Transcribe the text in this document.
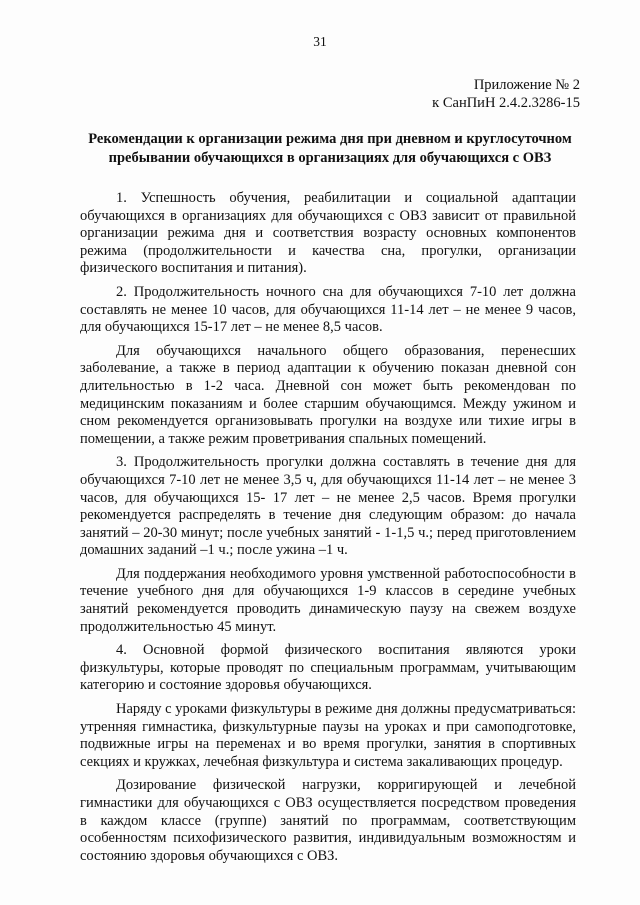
31
Приложение № 2
к СанПиН 2.4.2.3286-15
Рекомендации к организации режима дня при дневном и круглосуточном пребывании обучающихся в организациях для обучающихся с ОВЗ

1. Успешность обучения, реабилитации и социальной адаптации обучающихся в организациях для обучающихся с ОВЗ зависит от правильной организации режима дня и соответствия возрасту основных компонентов режима (продолжительности и качества сна, прогулки, организации физического воспитания и питания).

2. Продолжительность ночного сна для обучающихся 7-10 лет должна составлять не менее 10 часов, для обучающихся 11-14 лет – не менее 9 часов, для обучающихся 15-17 лет – не менее 8,5 часов.

Для обучающихся начального общего образования, перенесших заболевание, а также в период адаптации к обучению показан дневной сон длительностью в 1-2 часа. Дневной сон может быть рекомендован по медицинским показаниям и более старшим обучающимся. Между ужином и сном рекомендуется организовывать прогулки на воздухе или тихие игры в помещении, а также режим проветривания спальных помещений.

3. Продолжительность прогулки должна составлять в течение дня для обучающихся 7-10 лет не менее 3,5 ч, для обучающихся 11-14 лет – не менее 3 часов, для обучающихся 15- 17 лет – не менее 2,5 часов. Время прогулки рекомендуется распределять в течение дня следующим образом: до начала занятий – 20-30 минут; после учебных занятий - 1-1,5 ч.; перед приготовлением домашних заданий –1 ч.; после ужина –1 ч.

Для поддержания необходимого уровня умственной работоспособности в течение учебного дня для обучающихся 1-9 классов в середине учебных занятий рекомендуется проводить динамическую паузу на свежем воздухе продолжительностью 45 минут.

4. Основной формой физического воспитания являются уроки физкультуры, которые проводят по специальным программам, учитывающим категорию и состояние здоровья обучающихся.

Наряду с уроками физкультуры в режиме дня должны предусматриваться: утренняя гимнастика, физкультурные паузы на уроках и при самоподготовке, подвижные игры на переменах и во время прогулки, занятия в спортивных секциях и кружках, лечебная физкультура и система закаливающих процедур.

Дозирование физической нагрузки, корригирующей и лечебной гимнастики для обучающихся с ОВЗ осуществляется посредством проведения в каждом классе (группе) занятий по программам, соответствующим особенностям психофизического развития, индивидуальным возможностям и состоянию здоровья обучающихся с ОВЗ.
